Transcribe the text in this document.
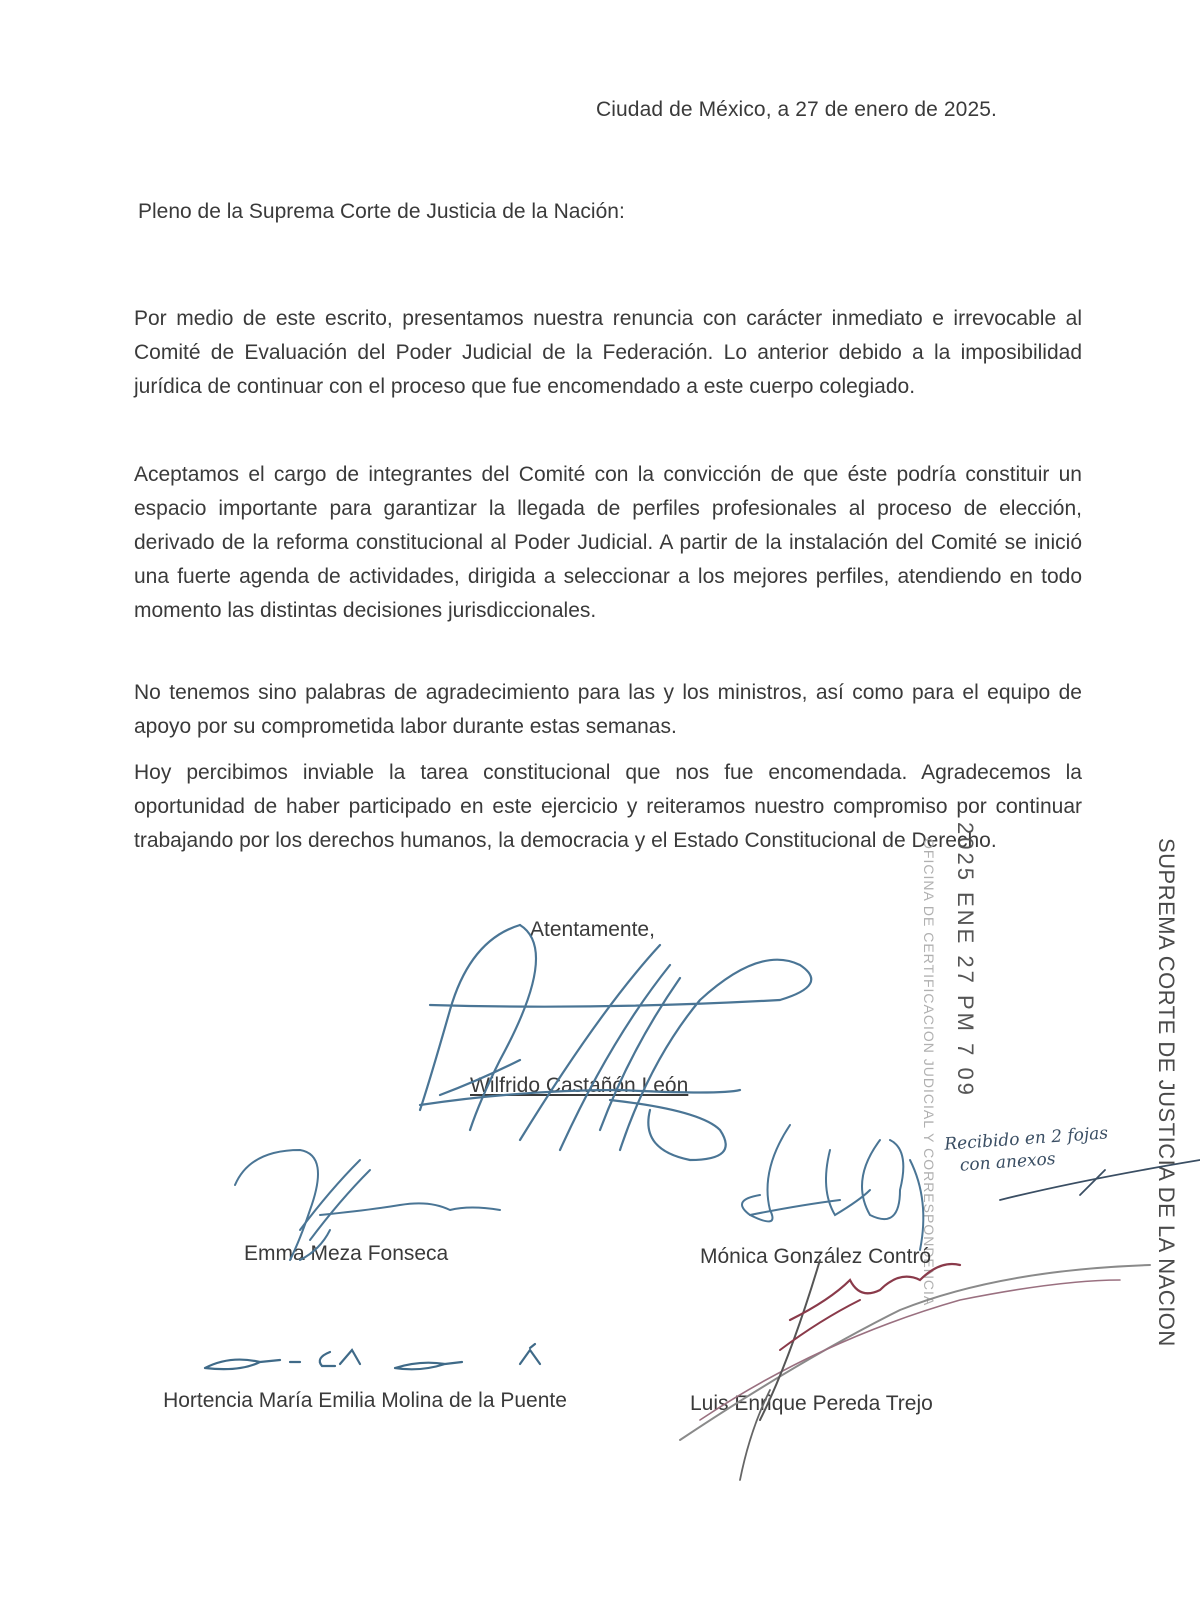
Ciudad de México, a 27 de enero de 2025.
Pleno de la Suprema Corte de Justicia de la Nación:
Por medio de este escrito, presentamos nuestra renuncia con carácter inmediato e irrevocable al Comité de Evaluación del Poder Judicial de la Federación. Lo anterior debido a la imposibilidad jurídica de continuar con el proceso que fue encomendado a este cuerpo colegiado.
Aceptamos el cargo de integrantes del Comité con la convicción de que éste podría constituir un espacio importante para garantizar la llegada de perfiles profesionales al proceso de elección, derivado de la reforma constitucional al Poder Judicial. A partir de la instalación del Comité se inició una fuerte agenda de actividades, dirigida a seleccionar a los mejores perfiles, atendiendo en todo momento las distintas decisiones jurisdiccionales.
No tenemos sino palabras de agradecimiento para las y los ministros, así como para el equipo de apoyo por su comprometida labor durante estas semanas.
Hoy percibimos inviable la tarea constitucional que nos fue encomendada. Agradecemos la oportunidad de haber participado en este ejercicio y reiteramos nuestro compromiso por continuar trabajando por los derechos humanos, la democracia y el Estado Constitucional de Derecho.
Atentamente,	SUPREMA CORTE DE JUSTICIA DE LA NACION
2025 ENE 27 PM 7 09
OFICINA DE CERTIFICACION JUDICIAL Y CORRESPONDENCIA Recibido en 2 fojas
con anexos
Wilfrido Castañón León
Emma Meza Fonseca	Mónica González Contró
Hortencia María Emilia Molina de la Puente	Luis Enrique Pereda Trejo
